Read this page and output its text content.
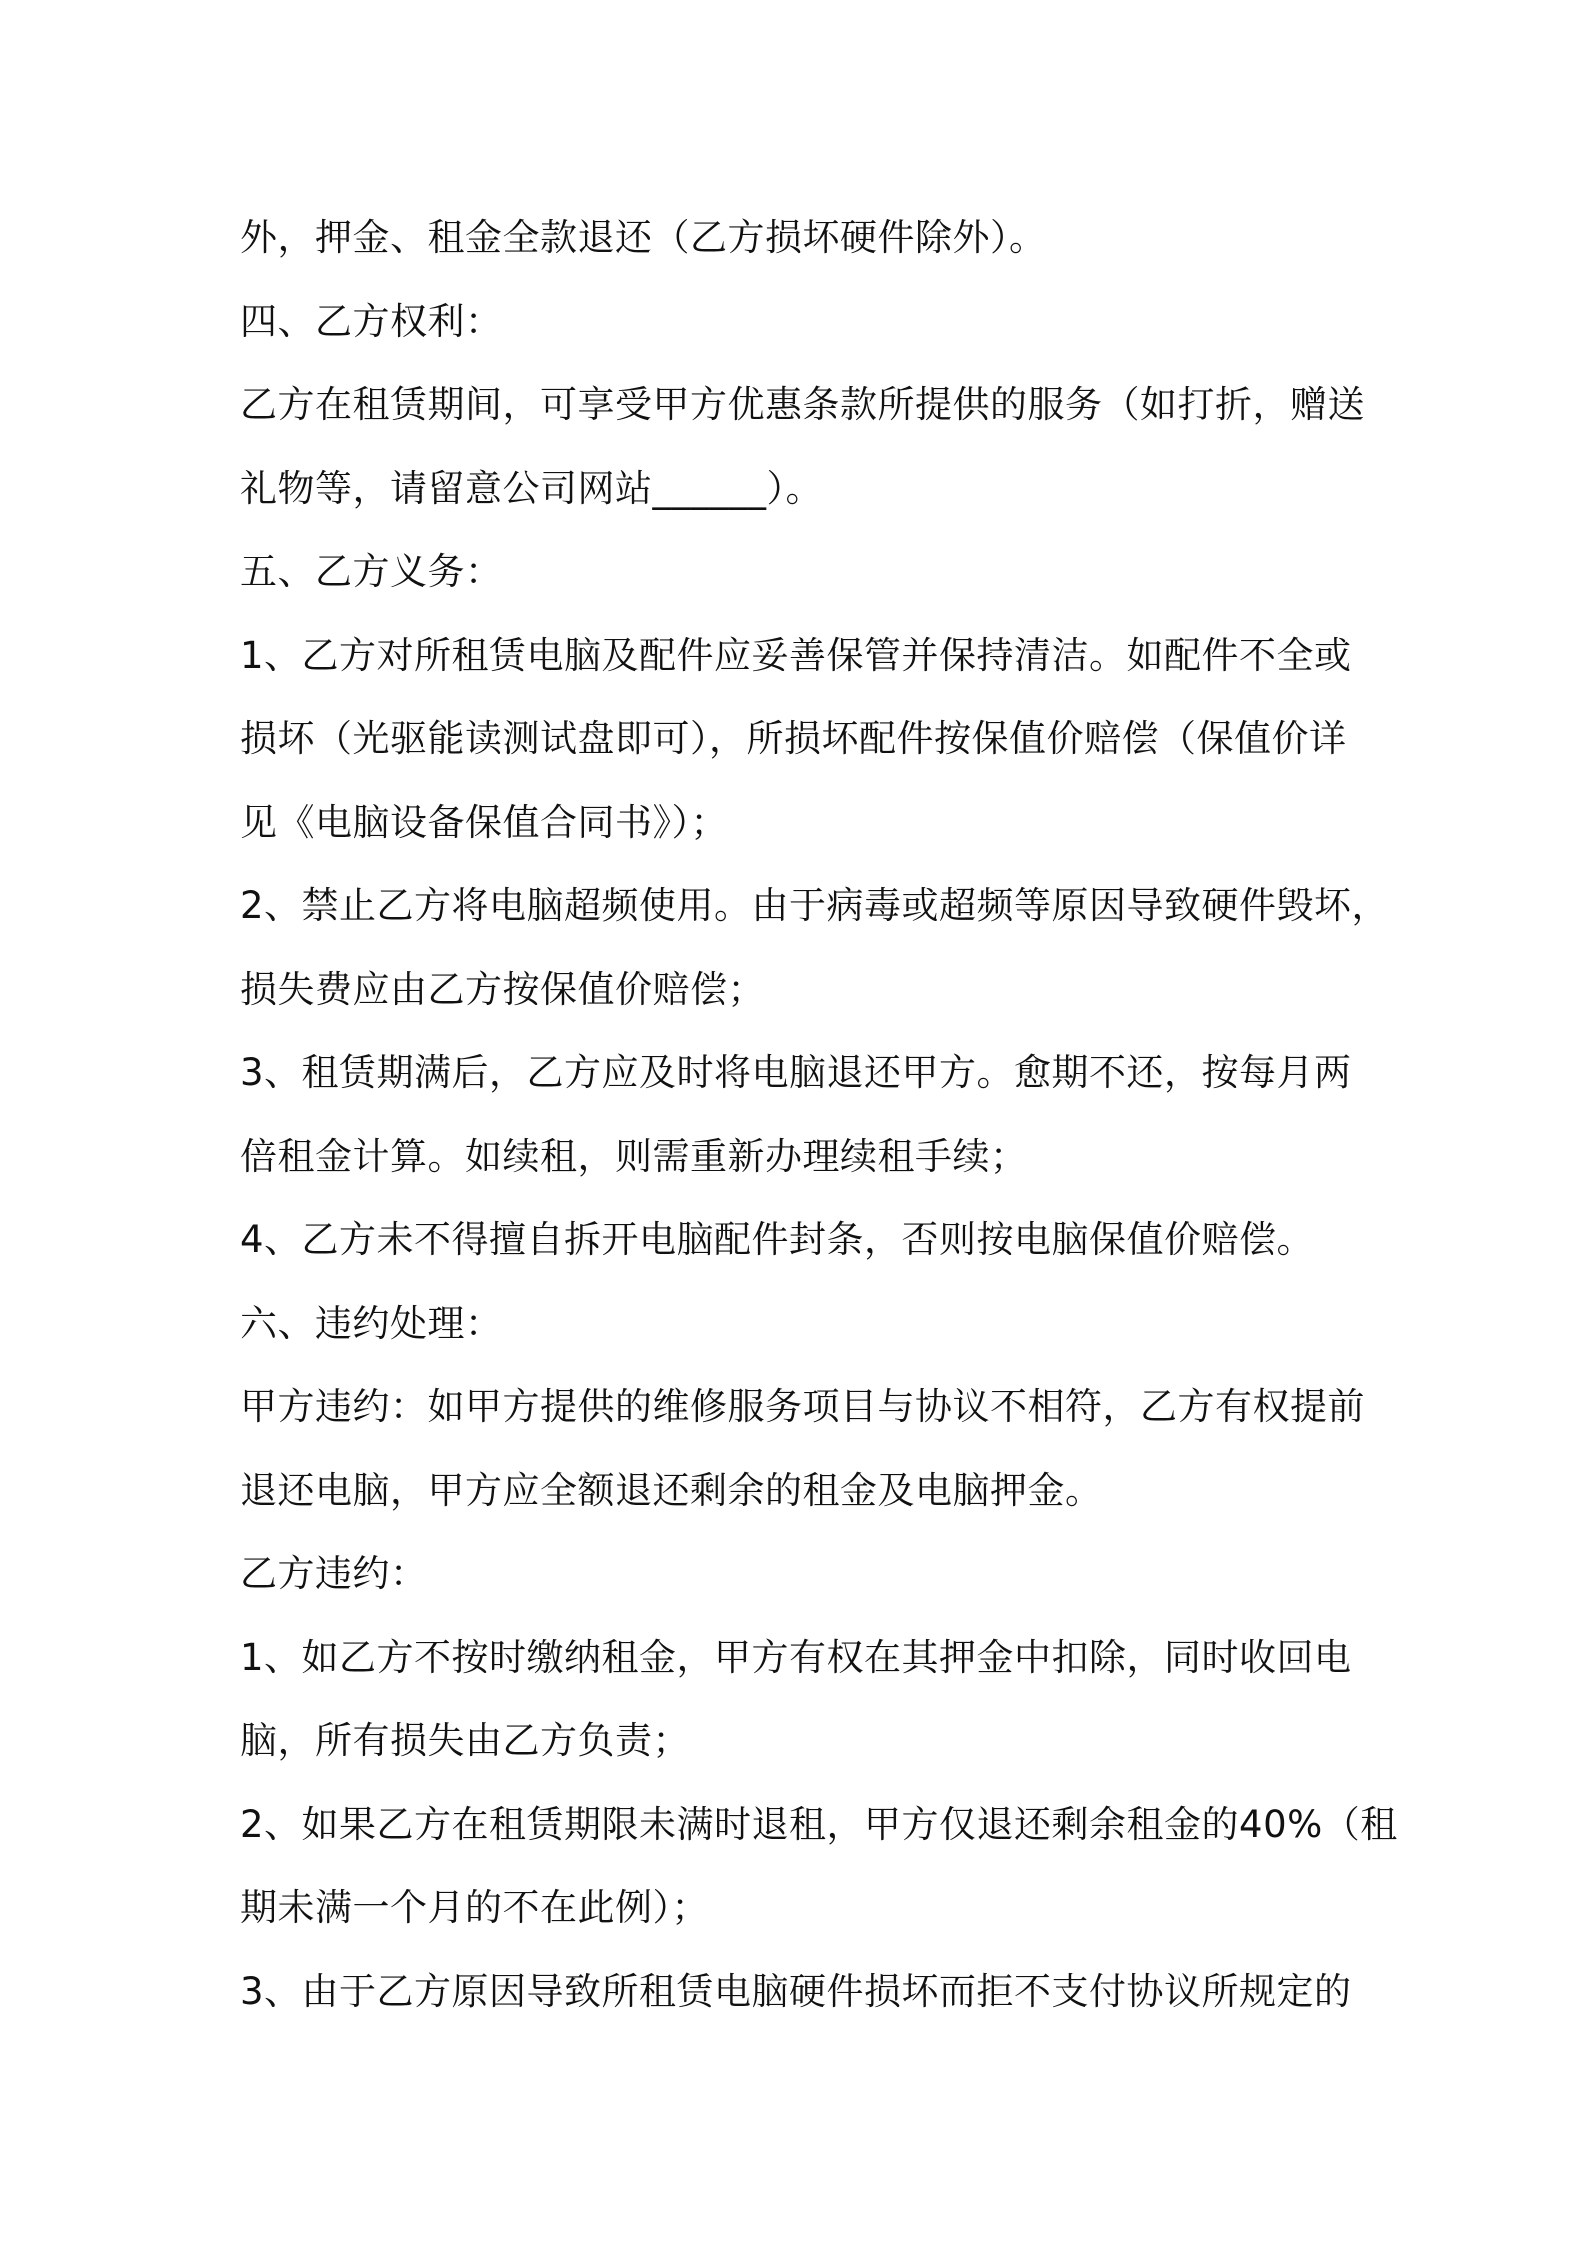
外，押金、租金全款退还（乙方损坏硬件除外）。
四、乙方权利：
乙方在租赁期间，可享受甲方优惠条款所提供的服务（如打折，赠送
礼物等，请留意公司网站______）。
五、乙方义务：
1、乙方对所租赁电脑及配件应妥善保管并保持清洁。如配件不全或
损坏（光驱能读测试盘即可），所损坏配件按保值价赔偿（保值价详
见《电脑设备保值合同书》）；
2、禁止乙方将电脑超频使用。由于病毒或超频等原因导致硬件毁坏，
损失费应由乙方按保值价赔偿；
3、租赁期满后，乙方应及时将电脑退还甲方。愈期不还，按每月两
倍租金计算。如续租，则需重新办理续租手续；
4、乙方未不得擅自拆开电脑配件封条，否则按电脑保值价赔偿。
六、违约处理：
甲方违约：如甲方提供的维修服务项目与协议不相符，乙方有权提前
退还电脑，甲方应全额退还剩余的租金及电脑押金。
乙方违约：
1、如乙方不按时缴纳租金，甲方有权在其押金中扣除，同时收回电
脑，所有损失由乙方负责；
2、如果乙方在租赁期限未满时退租，甲方仅退还剩余租金的40%（租
期未满一个月的不在此例）；
3、由于乙方原因导致所租赁电脑硬件损坏而拒不支付协议所规定的
